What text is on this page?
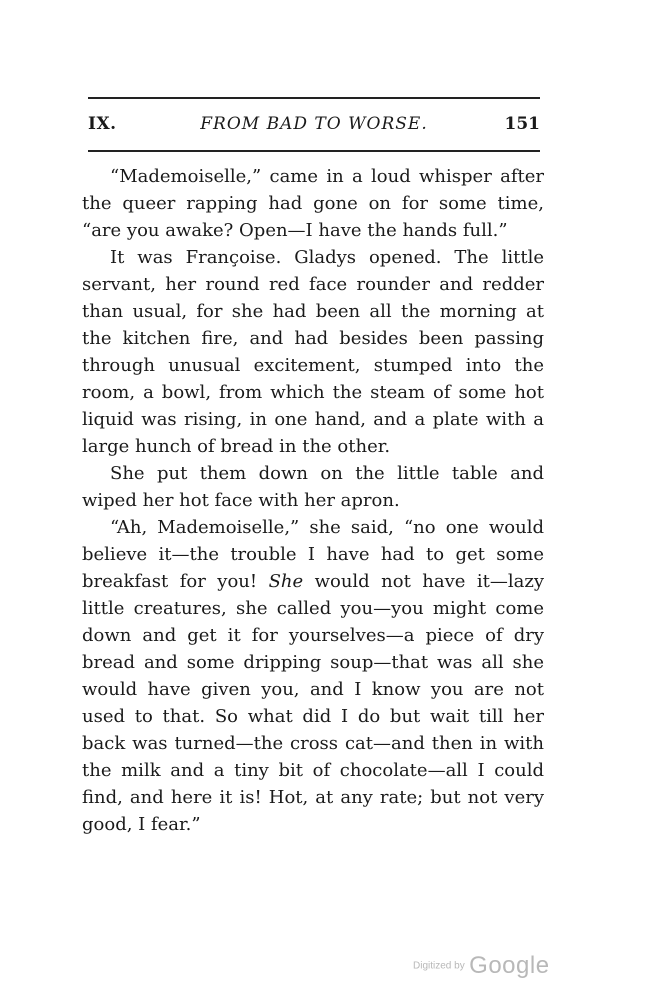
FROM BAD TO WORSE.
IX.	151

“Mademoiselle,” came in a loud whisper after the queer rapping had gone on for some time, “are you awake? Open—I have the hands full.”

It was Françoise. Gladys opened. The little servant, her round red face rounder and redder than usual, for she had been all the morning at the kitchen fire, and had besides been passing through unusual excitement, stumped into the room, a bowl, from which the steam of some hot liquid was rising, in one hand, and a plate with a large hunch of bread in the other.

She put them down on the little table and wiped her hot face with her apron.

“Ah, Mademoiselle,” she said, “no one would believe it—the trouble I have had to get some breakfast for you! She would not have it—lazy little creatures, she called you—you might come down and get it for yourselves—a piece of dry bread and some dripping soup—that was all she would have given you, and I know you are not used to that. So what did I do but wait till her back was turned—the cross cat—and then in with the milk and a tiny bit of chocolate—all I could find, and here it is! Hot, at any rate; but not very good, I fear.”

Digitized by Google
